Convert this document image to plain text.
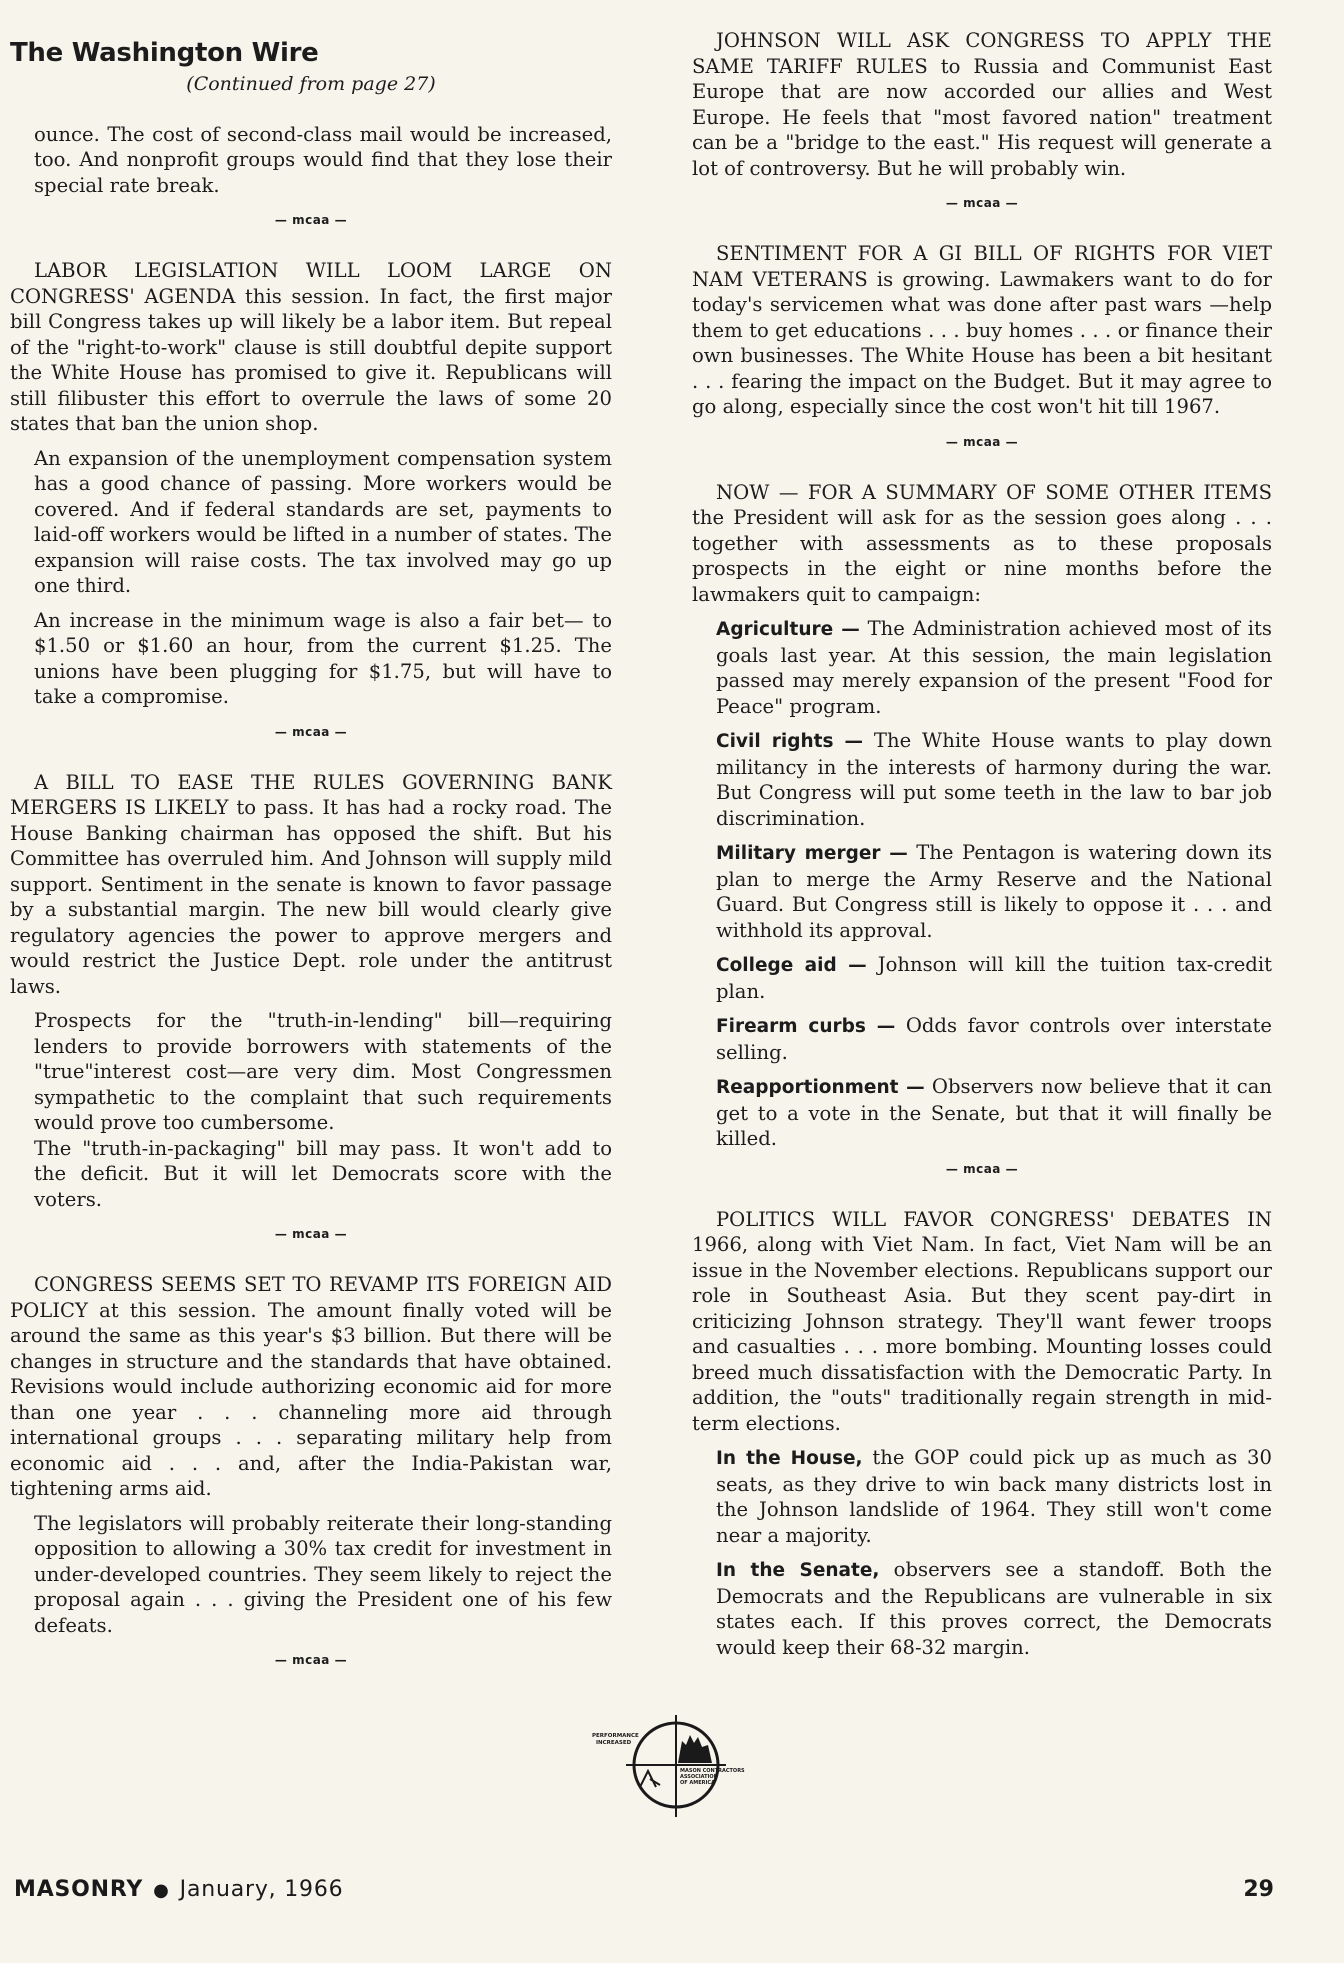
The Washington Wire
(Continued from page 27)

ounce. The cost of second-class mail would be increased, too. And nonprofit groups would find that they lose their special rate break.

— mcaa —

LABOR LEGISLATION WILL LOOM LARGE ON CONGRESS' AGENDA this session. In fact, the first major bill Congress takes up will likely be a labor item. But repeal of the "right-to-work" clause is still doubtful depite support the White House has promised to give it. Republicans will still filibuster this effort to overrule the laws of some 20 states that ban the union shop.

An expansion of the unemployment compensation system has a good chance of passing. More workers would be covered. And if federal standards are set, payments to laid-off workers would be lifted in a number of states. The expansion will raise costs. The tax involved may go up one third.

An increase in the minimum wage is also a fair bet— to $1.50 or $1.60 an hour, from the current $1.25. The unions have been plugging for $1.75, but will have to take a compromise.

— mcaa —

A BILL TO EASE THE RULES GOVERNING BANK MERGERS IS LIKELY to pass. It has had a rocky road. The House Banking chairman has opposed the shift. But his Committee has overruled him. And Johnson will supply mild support. Sentiment in the senate is known to favor passage by a substantial margin. The new bill would clearly give regulatory agencies the power to approve mergers and would restrict the Justice Dept. role under the antitrust laws.

Prospects for the "truth-in-lending" bill—requiring lenders to provide borrowers with statements of the "true"interest cost—are very dim. Most Congressmen sympathetic to the complaint that such requirements would prove too cumbersome.

The "truth-in-packaging" bill may pass. It won't add to the deficit. But it will let Democrats score with the voters.

— mcaa —

CONGRESS SEEMS SET TO REVAMP ITS FOREIGN AID POLICY at this session. The amount finally voted will be around the same as this year's $3 billion. But there will be changes in structure and the standards that have obtained. Revisions would include authorizing economic aid for more than one year . . . channeling more aid through international groups . . . separating military help from economic aid . . . and, after the India-Pakistan war, tightening arms aid.

The legislators will probably reiterate their long-standing opposition to allowing a 30% tax credit for investment in under-developed countries. They seem likely to reject the proposal again . . . giving the President one of his few defeats.

— mcaa —

JOHNSON WILL ASK CONGRESS TO APPLY THE SAME TARIFF RULES to Russia and Communist East Europe that are now accorded our allies and West Europe. He feels that "most favored nation" treatment can be a "bridge to the east." His request will generate a lot of controversy. But he will probably win.

— mcaa —

SENTIMENT FOR A GI BILL OF RIGHTS FOR VIET NAM VETERANS is growing. Lawmakers want to do for today's servicemen what was done after past wars —help them to get educations . . . buy homes . . . or finance their own businesses. The White House has been a bit hesitant . . . fearing the impact on the Budget. But it may agree to go along, especially since the cost won't hit till 1967.

— mcaa —

NOW — FOR A SUMMARY OF SOME OTHER ITEMS the President will ask for as the session goes along . . . together with assessments as to these proposals prospects in the eight or nine months before the lawmakers quit to campaign:

Agriculture — The Administration achieved most of its goals last year. At this session, the main legislation passed may merely expansion of the present "Food for Peace" program.

Civil rights — The White House wants to play down militancy in the interests of harmony during the war. But Congress will put some teeth in the law to bar job discrimination.

Military merger — The Pentagon is watering down its plan to merge the Army Reserve and the National Guard. But Congress still is likely to oppose it . . . and withhold its approval.

College aid — Johnson will kill the tuition tax-credit plan.

Firearm curbs — Odds favor controls over interstate selling.

Reapportionment — Observers now believe that it can get to a vote in the Senate, but that it will finally be killed.

— mcaa —

POLITICS WILL FAVOR CONGRESS' DEBATES IN 1966, along with Viet Nam. In fact, Viet Nam will be an issue in the November elections. Republicans support our role in Southeast Asia. But they scent pay-dirt in criticizing Johnson strategy. They'll want fewer troops and casualties . . . more bombing. Mounting losses could breed much dissatisfaction with the Democratic Party. In addition, the "outs" traditionally regain strength in mid-term elections.

In the House, the GOP could pick up as much as 30 seats, as they drive to win back many districts lost in the Johnson landslide of 1964. They still won't come near a majority.

In the Senate, observers see a standoff. Both the Democrats and the Republicans are vulnerable in six states each. If this proves correct, the Democrats would keep their 68-32 margin.

PERFORMANCE
INCREASED
MASON CONTRACTORS
ASSOCIATION
OF AMERICA
MASONRY ● January, 1966	29
